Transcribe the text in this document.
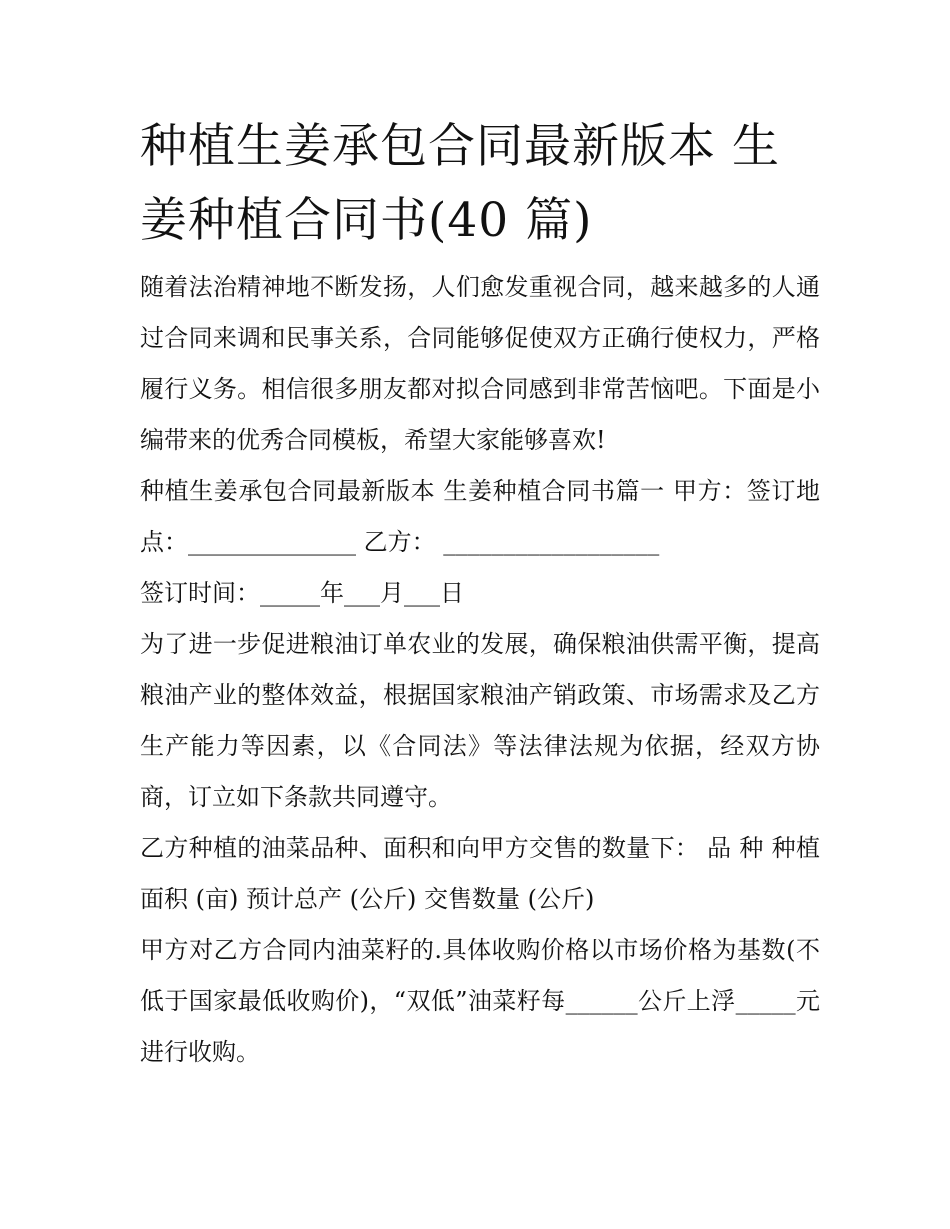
种植生姜承包合同最新版本 生姜种植合同书(40 篇)

随着法治精神地不断发扬，人们愈发重视合同，越来越多的人通过合同来调和民事关系，合同能够促使双方正确行使权力，严格履行义务。相信很多朋友都对拟合同感到非常苦恼吧。下面是小编带来的优秀合同模板，希望大家能够喜欢!

种植生姜承包合同最新版本 生姜种植合同书篇一 甲方：签订地点：______________ 乙方： __________________

签订时间：_____年___月___日

为了进一步促进粮油订单农业的发展，确保粮油供需平衡，提高粮油产业的整体效益，根据国家粮油产销政策、市场需求及乙方生产能力等因素，以《合同法》等法律法规为依据，经双方协商，订立如下条款共同遵守。

乙方种植的油菜品种、面积和向甲方交售的数量下： 品 种 种植面积 (亩) 预计总产 (公斤) 交售数量 (公斤)

甲方对乙方合同内油菜籽的.具体收购价格以市场价格为基数(不低于国家最低收购价)，“双低”油菜籽每______公斤上浮_____元进行收购。
